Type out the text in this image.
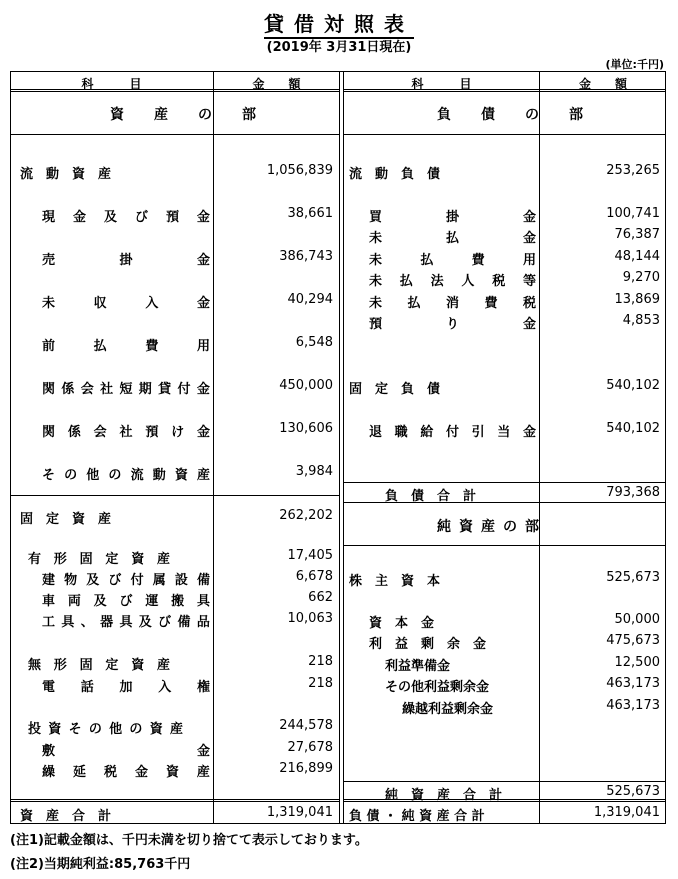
貸借対照表
(2019年 3月31日現在)
(単位:千円)
科　　　目	金　　額	科　　　目	金　　額
資　産　の　部	負　債　の　部
純資産の部
流　動　資　産	1,056,839
現 金 及 び 預 金	38,661
売	掛	金	386,743
未	収	入	金	40,294
前	払	費	用	6,548
関 係 会 社 短 期 貸 付 金	450,000
関 係 会 社 預 け 金	130,606
そ の 他 の 流 動 資 産	3,984
固　定　資　産	262,202
有 形 固 定 資 産	17,405
建 物 及 び 付 属 設 備	6,678
車 両 及 び 運 搬 具	662
工 具 、 器 具 及 び 備 品	10,063
無 形 固 定 資 産	218
電 話 加 入 権	218
投 資 そ の 他 の 資 産	244,578
敷	金	27,678
繰 延 税 金 資 産	216,899
流　動　負　債	253,265
買	掛	金	100,741
未	払	金	76,387
未	払	費	用	48,144
未 払 法 人 税 等	9,270
未 払 消 費 税	13,869
預	り	金	4,853
固　定　負　債	540,102
退 職 給 付 引 当 金	540,102
負　債　合　計	793,368
株　主　資　本	525,673
資　本　金	50,000
利　益　剰　余　金	475,673
利益準備金	12,500
その他利益剰余金	463,173
繰越利益剰余金	463,173
純　資　産　合　計	525,673
資　産　合　計	1,319,041 負 債 ・ 純 資 産 合 計	1,319,041
(注1)記載金額は、千円未満を切り捨てて表示しております。
(注2)当期純利益:85,763千円
